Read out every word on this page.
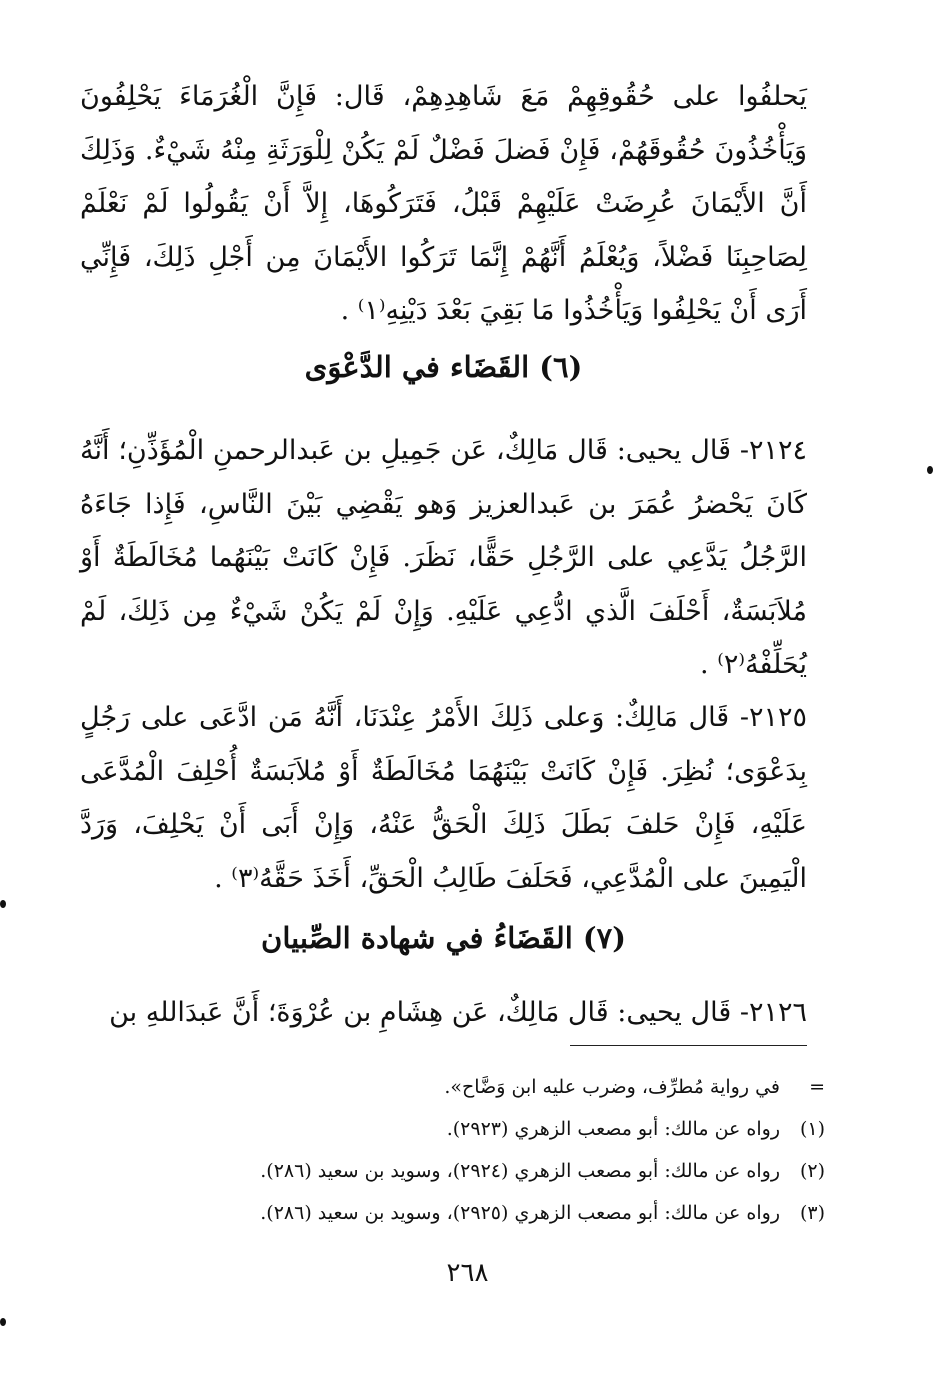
يَحلفُوا على حُقُوقِهِمْ مَعَ شَاهِدِهِمْ، قَال: فَإِنَّ الْغُرَمَاءَ يَحْلِفُونَ وَيَأْخُذُونَ حُقُوقَهُمْ، فَإِنْ فَضلَ فَضْلٌ لَمْ يَكُنْ لِلْوَرَثَةِ مِنْهُ شَيْءٌ. وَذَلِكَ أَنَّ الأَيْمَانَ عُرِضَتْ عَلَيْهِمْ قَبْلُ، فَتَرَكُوهَا، إِلاَّ أَنْ يَقُولُوا لَمْ نَعْلَمْ لِصَاحِبِنَا فَضْلاً، وَيُعْلَمُ أَنَّهُمْ إِنَّمَا تَرَكُوا الأَيْمَانَ مِن أَجْلِ ذَلِكَ، فَإِنِّي أَرَى أَنْ يَحْلِفُوا وَيَأْخُذُوا مَا بَقِيَ بَعْدَ دَيْنِهِ⁽١⁾ .

(٦) القَضَاء في الدَّعْوَى

٢١٢٤- قَال يحيى: قَال مَالِكٌ، عَن جَمِيلِ بن عَبدالرحمنِ الْمُؤَذِّنِ؛ أَنَّهُ كَانَ يَحْضرُ عُمَرَ بن عَبدالعزيز وَهو يَقْضِي بَيْنَ النَّاسِ، فَإِذا جَاءَهُ الرَّجُلُ يَدَّعِي على الرَّجُلِ حَقًّا، نَظَرَ. فَإِنْ كَانَتْ بَيْنَهُما مُخَالَطَةٌ أَوْ مُلاَبَسَةٌ، أَحْلَفَ الَّذي ادُّعِي عَلَيْهِ. وَإِنْ لَمْ يَكُنْ شَيْءٌ مِن ذَلِكَ، لَمْ يُحَلِّفْهُ⁽٢⁾ .

٢١٢٥- قَال مَالِكٌ: وَعلى ذَلِكَ الأَمْرُ عِنْدَنَا، أَنَّهُ مَن ادَّعَى على رَجُلٍ بِدَعْوَى؛ نُظِرَ. فَإِنْ كَانَتْ بَيْنَهُمَا مُخَالَطَةٌ أَوْ مُلاَبَسَةٌ أُحْلِفَ الْمُدَّعَى عَلَيْهِ، فَإِنْ حَلفَ بَطَلَ ذَلِكَ الْحَقُّ عَنْهُ، وَإِنْ أَبَى أَنْ يَحْلِفَ، وَرَدَّ الْيَمِينَ على الْمُدَّعِي، فَحَلَفَ طَالِبُ الْحَقِّ، أَخَذَ حَقَّهُ⁽٣⁾ .

(٧) القَضَاءُ في شهادة الصِّبيان

٢١٢٦- قَال يحيى: قَال مَالِكٌ، عَن هِشَامِ بن عُرْوَةَ؛ أَنَّ عَبدَاللهِ بن

=
في رواية مُطرِّف، وضرب عليه ابن وَضَّاح».
(١)
رواه عن مالك: أبو مصعب الزهري (٢٩٢٣).
(٢)
رواه عن مالك: أبو مصعب الزهري (٢٩٢٤)، وسويد بن سعيد (٢٨٦).
(٣)
رواه عن مالك: أبو مصعب الزهري (٢٩٢٥)، وسويد بن سعيد (٢٨٦).
٢٦٨
